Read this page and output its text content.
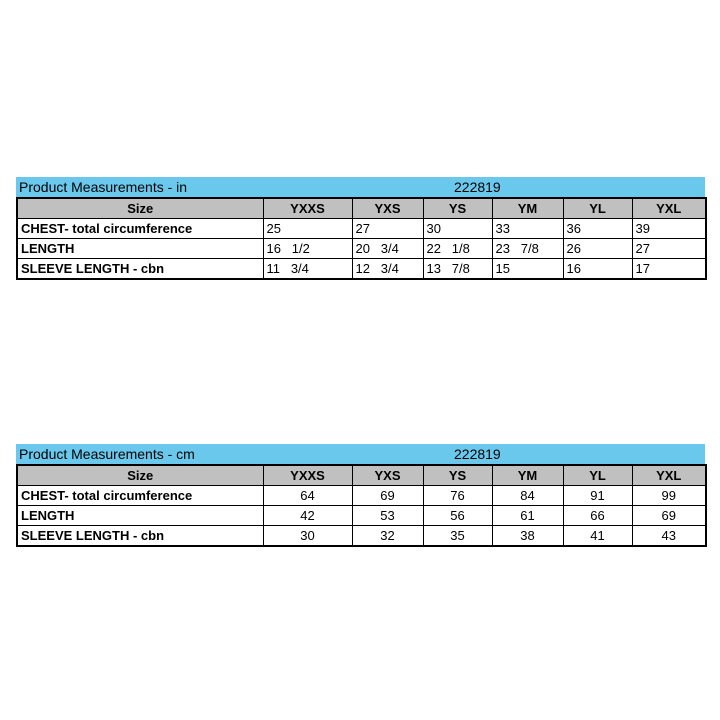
Product Measurements - in	222819
Size	YXXS	YXS	YS	YM	YL	YXL
CHEST- total circumference	25	27	30	33	36	39
LENGTH	16   1/2	20   3/4	22   1/8	23   7/8	26	27
SLEEVE LENGTH - cbn	11   3/4	12   3/4	13   7/8	15	16	17
Product Measurements - cm	222819
Size	YXXS	YXS	YS	YM	YL	YXL
CHEST- total circumference	64	69	76	84	91	99
LENGTH	42	53	56	61	66	69
SLEEVE LENGTH - cbn	30	32	35	38	41	43
